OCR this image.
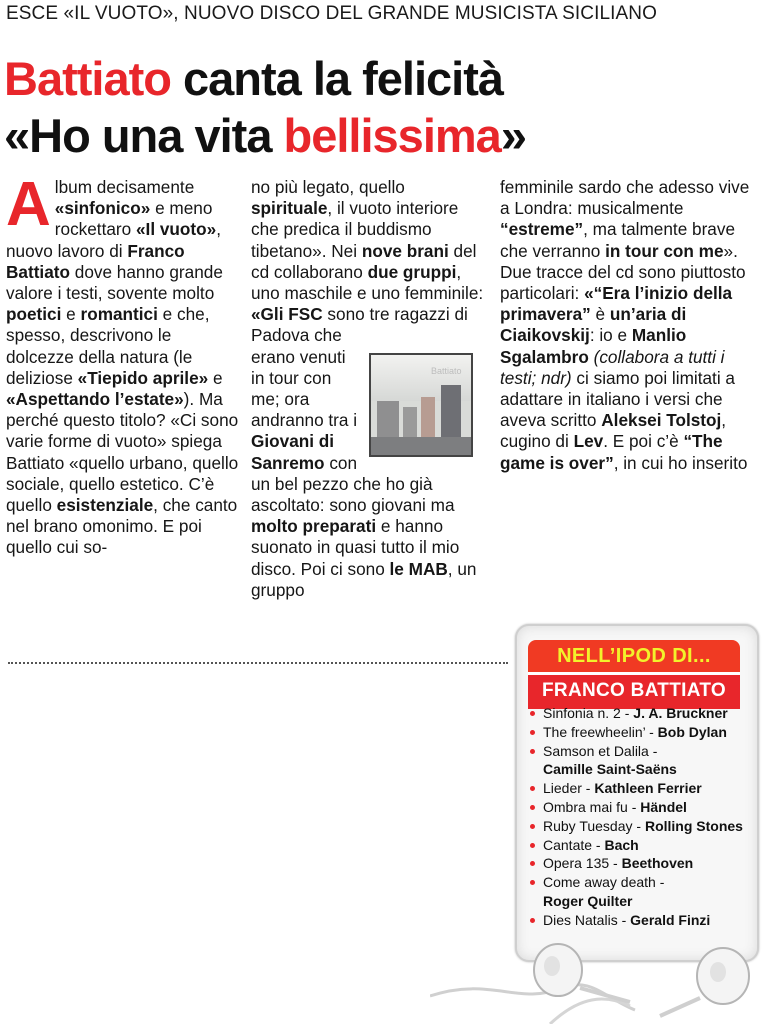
ESCE «IL VUOTO», NUOVO DISCO DEL GRANDE MUSICISTA SICILIANO
Battiato canta la felicità
«Ho una vita bellissima»

Album decisamente «sinfonico» e meno rockettaro «Il vuoto», nuovo lavoro di Franco Battiato dove hanno grande valore i testi, sovente molto poetici e romantici e che, spesso, descrivono le dolcezze della natura (le deliziose «Tiepido aprile» e «Aspettando l’estate»). Ma perché questo titolo? «Ci sono varie forme di vuoto» spiega Battiato «quello urbano, quello sociale, quello estetico. C’è quello esistenziale, che canto nel brano omonimo. E poi quello cui so-

no più legato, quello spirituale, il vuoto interiore che predica il buddismo tibetano». Nei nove brani del cd collaborano due gruppi, uno maschile e uno femminile: «Gli FSC sono tre ragazzi di Padova che

Battiato

erano venuti in tour con me; ora andranno tra i Giovani di Sanremo con un bel pezzo che ho già ascoltato: sono giovani ma molto preparati e hanno suonato in quasi tutto il mio disco. Poi ci sono le MAB, un gruppo

femminile sardo che adesso vive a Londra: musicalmente “estreme”, ma talmente brave che verranno in tour con me». Due tracce del cd sono piuttosto particolari: «“Era l’inizio della primavera” è un’aria di Ciaikovskij: io e Manlio Sgalambro (collabora a tutti i testi; ndr) ci siamo poi limitati a adattare in italiano i versi che aveva scritto Aleksei Tolstoj, cugino di Lev. E poi c’è “The game is over”, in cui ho inserito

NELL’IPOD DI...
FRANCO BATTIATO
Sinfonia n. 2 - J. A. Bruckner
The freewheelin’ - Bob Dylan
Samson et Dalila -
Camille Saint-Saëns
Lieder - Kathleen Ferrier
Ombra mai fu - Händel
Ruby Tuesday - Rolling Stones
Cantate - Bach
Opera 135 - Beethoven
Come away death -
Roger Quilter
Dies Natalis - Gerald Finzi
